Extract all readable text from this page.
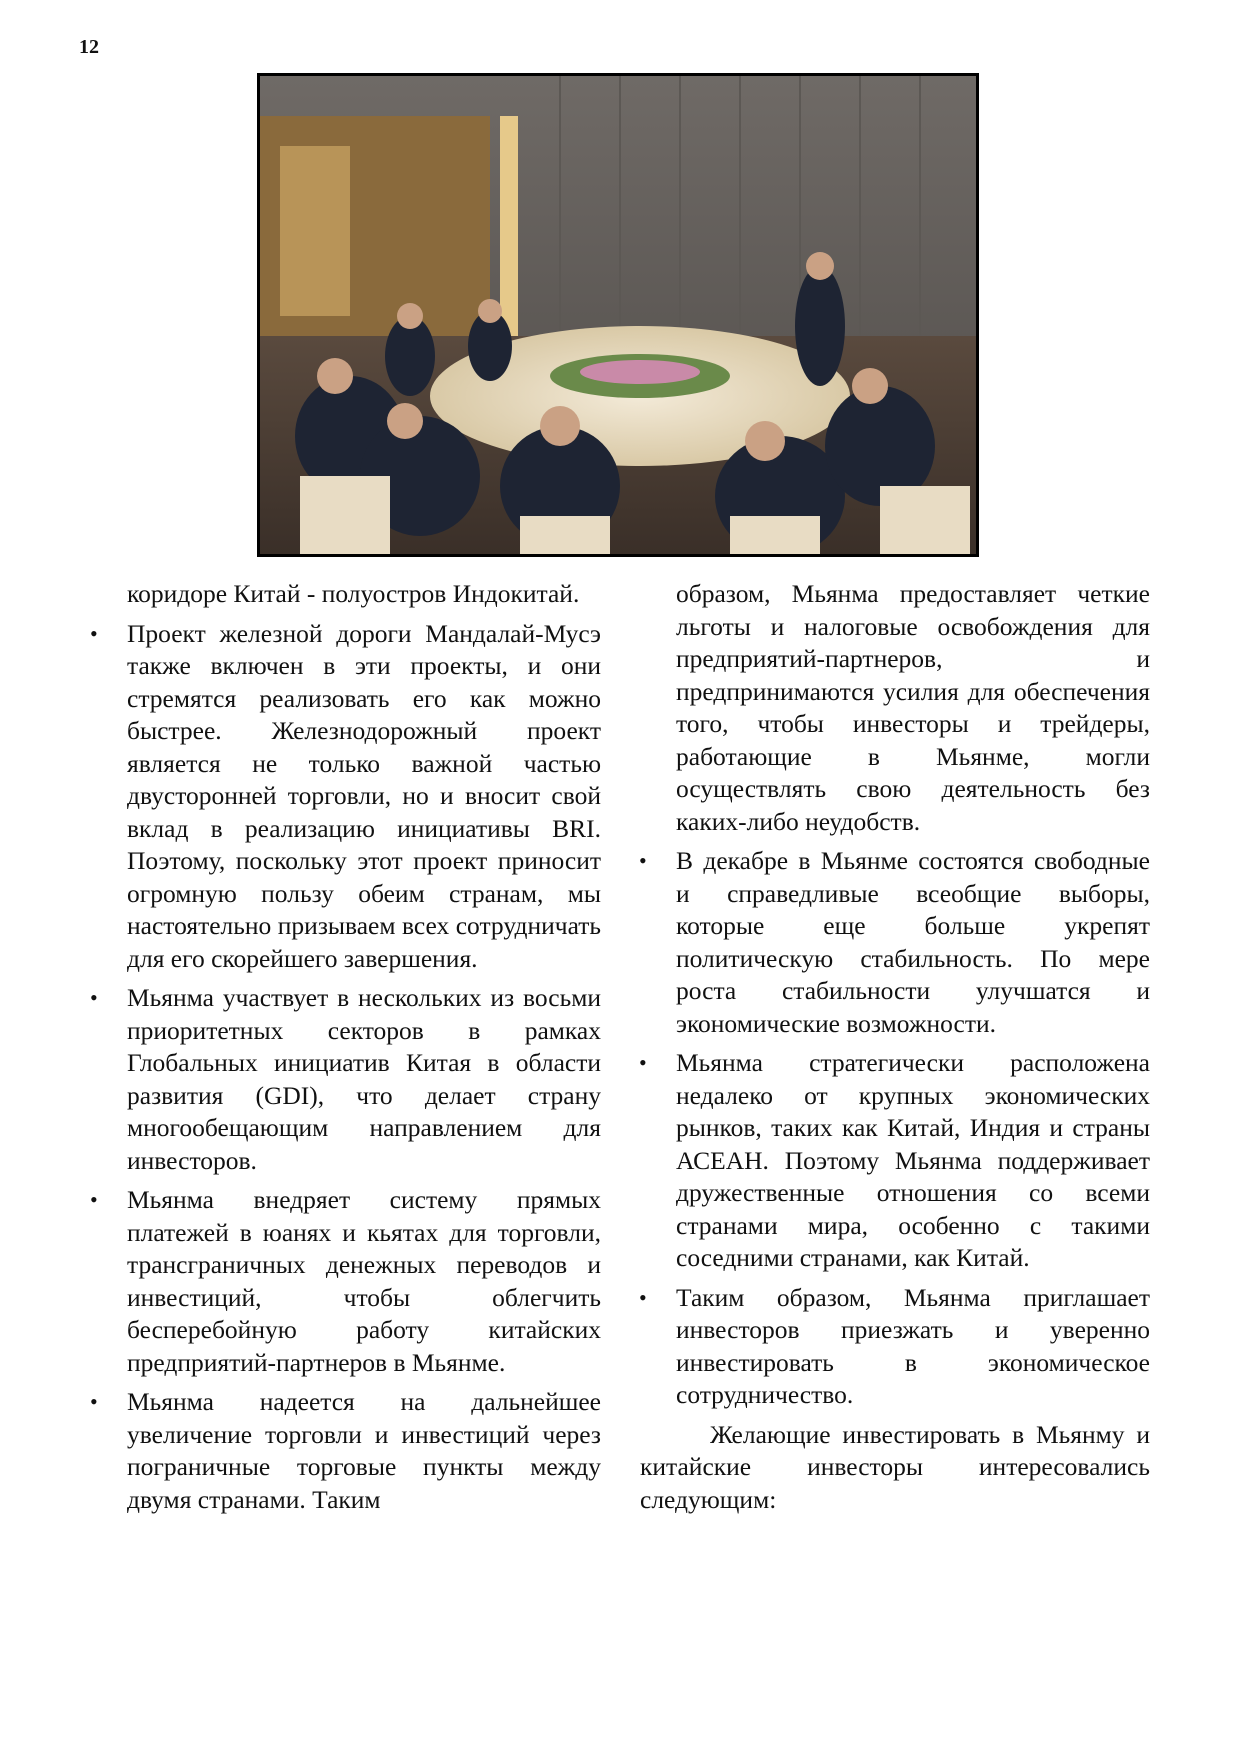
12

коридоре Китай - полуостров Индокитай.

• Проект железной дороги Мандалай-Мусэ также включен в эти проекты, и они стремятся реализовать его как можно быстрее. Железнодорожный проект является не только важной частью двусторонней торговли, но и вносит свой вклад в реализацию инициативы BRI. Поэтому, поскольку этот проект приносит огромную пользу обеим странам, мы настоятельно призываем всех сотрудничать для его скорейшего завершения.
• Мьянма участвует в нескольких из восьми приоритетных секторов в рамках Глобальных инициатив Китая в области развития (GDI), что делает страну многообещающим направлением для инвесторов.
• Мьянма внедряет систему прямых платежей в юанях и кьятах для торговли, трансграничных денежных переводов и инвестиций, чтобы облегчить бесперебойную работу китайских предприятий-партнеров в Мьянме.
• Мьянма надеется на дальнейшее увеличение торговли и инвестиций через пограничные торговые пункты между двумя странами. Таким

образом, Мьянма предоставляет четкие льготы и налоговые освобождения для предприятий-партнеров, и предпринимаются усилия для обеспечения того, чтобы инвесторы и трейдеры, работающие в Мьянме, могли осуществлять свою деятельность без каких-либо неудобств.

• В декабре в Мьянме состоятся свободные и справедливые всеобщие выборы, которые еще больше укрепят политическую стабильность. По мере роста стабильности улучшатся и экономические возможности.
• Мьянма стратегически расположена недалеко от крупных экономических рынков, таких как Китай, Индия и страны АСЕАН. Поэтому Мьянма поддерживает дружественные отношения со всеми странами мира, особенно с такими соседними странами, как Китай.
• Таким образом, Мьянма приглашает инвесторов приезжать и уверенно инвестировать в экономическое сотрудничество.

Желающие инвестировать в Мьянму и китайские инвесторы интересовались следующим:
